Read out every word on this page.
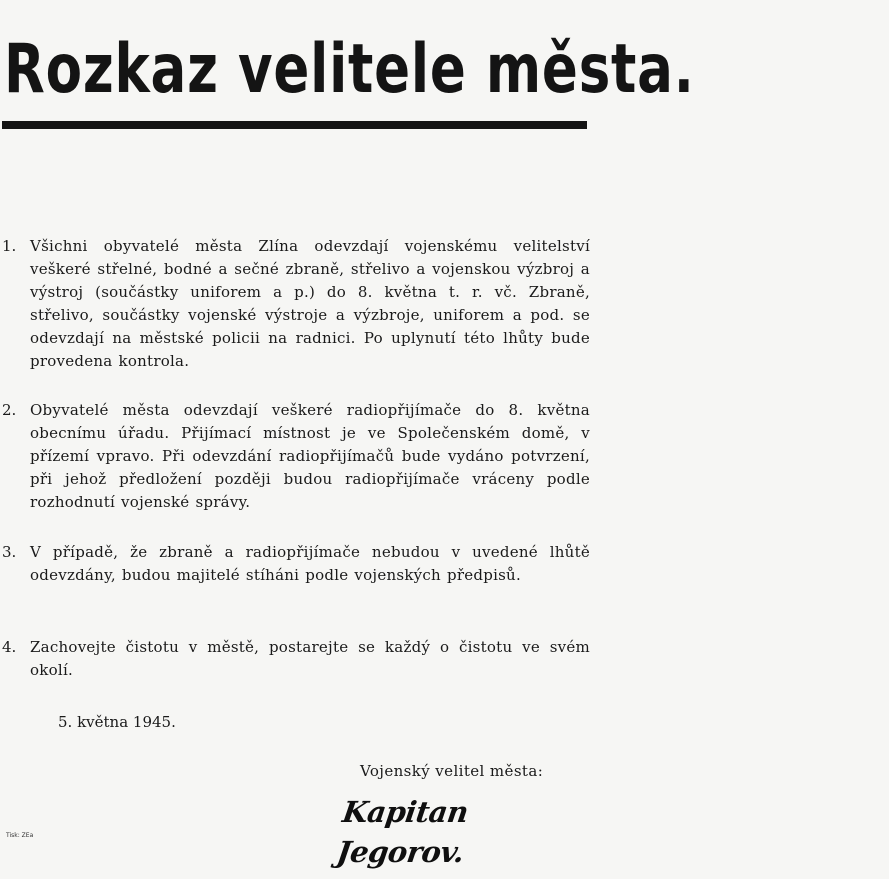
Rozkaz velitele města.
1. Všichni obyvatelé města Zlína odevzdají vojenskému velitelství veškeré střelné, bodné a sečné zbraně, střelivo a vojenskou výzbroj a výstroj (součástky uniforem a p.) do 8. května t. r. vč. Zbraně, střelivo, součástky vojenské výstroje a výzbroje, uniforem a pod. se odevzdají na městské policii na radnici. Po uplynutí této lhůty bude provedena kontrola.
2. Obyvatelé města odevzdají veškeré radiopřijímače do 8. května obecnímu úřadu. Přijímací místnost je ve Společenském domě, v přízemí vpravo. Při odevzdání radiopřijímačů bude vydáno potvrzení, při jehož předložení později budou radiopřijímače vráceny podle rozhodnutí vojenské správy.
3. V případě, že zbraně a radiopřijímače nebudou v uvedené lhůtě odevzdány, budou majitelé stíháni podle vojenských předpisů.
4. Zachovejte čistotu v městě, postarejte se každý o čistotu ve svém okolí.
5. května 1945.
Vojenský velitel města:
Kapitan Jegorov.
Tisk: ZEa
